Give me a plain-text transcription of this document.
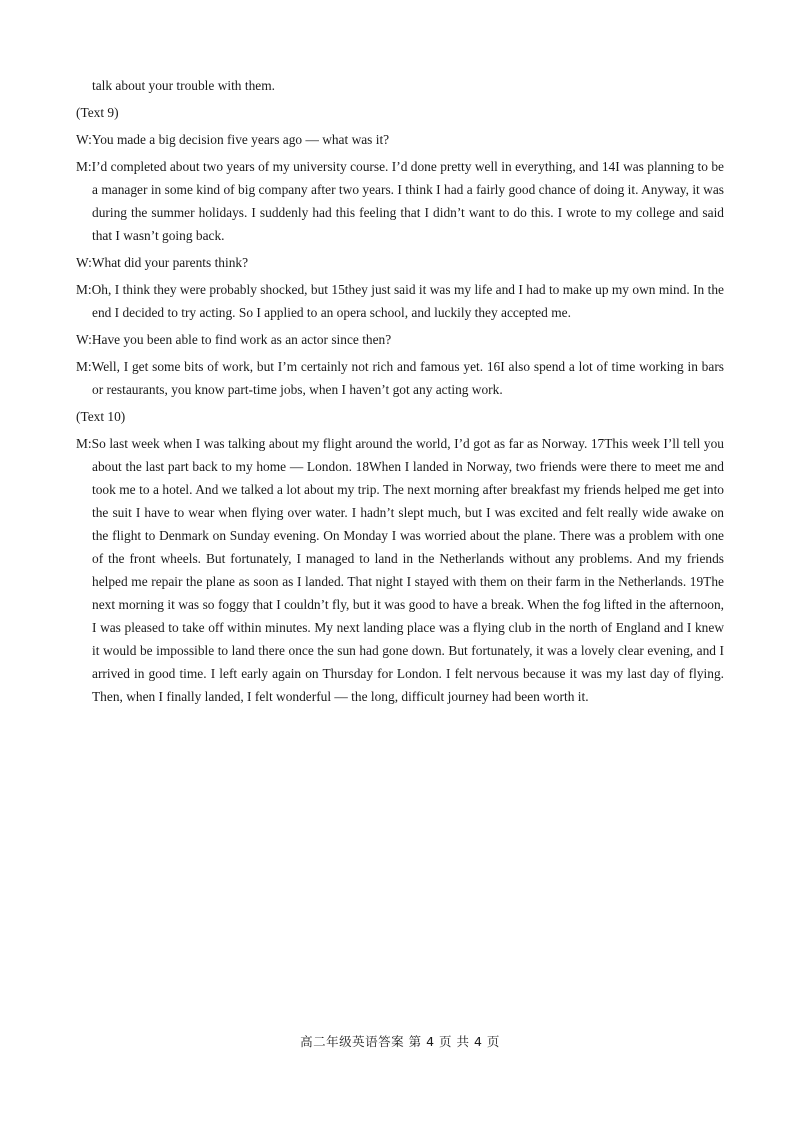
talk about your trouble with them.
(Text 9)
W:You made a big decision five years ago — what was it?
M:I’d completed about two years of my university course. I’d done pretty well in everything, and 14I was planning to be a manager in some kind of big company after two years. I think I had a fairly good chance of doing it. Anyway, it was during the summer holidays. I suddenly had this feeling that I didn’t want to do this. I wrote to my college and said that I wasn’t going back.
W:What did your parents think?
M:Oh, I think they were probably shocked, but 15they just said it was my life and I had to make up my own mind. In the end I decided to try acting. So I applied to an opera school, and luckily they accepted me.
W:Have you been able to find work as an actor since then?
M:Well, I get some bits of work, but I’m certainly not rich and famous yet. 16I also spend a lot of time working in bars or restaurants, you know part-time jobs, when I haven’t got any acting work.
(Text 10)
M:So last week when I was talking about my flight around the world, I’d got as far as Norway. 17This week I’ll tell you about the last part back to my home — London. 18When I landed in Norway, two friends were there to meet me and took me to a hotel. And we talked a lot about my trip. The next morning after breakfast my friends helped me get into the suit I have to wear when flying over water. I hadn’t slept much, but I was excited and felt really wide awake on the flight to Denmark on Sunday evening. On Monday I was worried about the plane. There was a problem with one of the front wheels. But fortunately, I managed to land in the Netherlands without any problems. And my friends helped me repair the plane as soon as I landed. That night I stayed with them on their farm in the Netherlands. 19The next morning it was so foggy that I couldn’t fly, but it was good to have a break. When the fog lifted in the afternoon, I was pleased to take off within minutes. My next landing place was a flying club in the north of England and I knew it would be impossible to land there once the sun had gone down. But fortunately, it was a lovely clear evening, and I arrived in good time. I left early again on Thursday for London. I felt nervous because it was my last day of flying. Then, when I finally landed, I felt wonderful — the long, difficult journey had been worth it.
高二年级英语答案 第 4 页 共 4 页
